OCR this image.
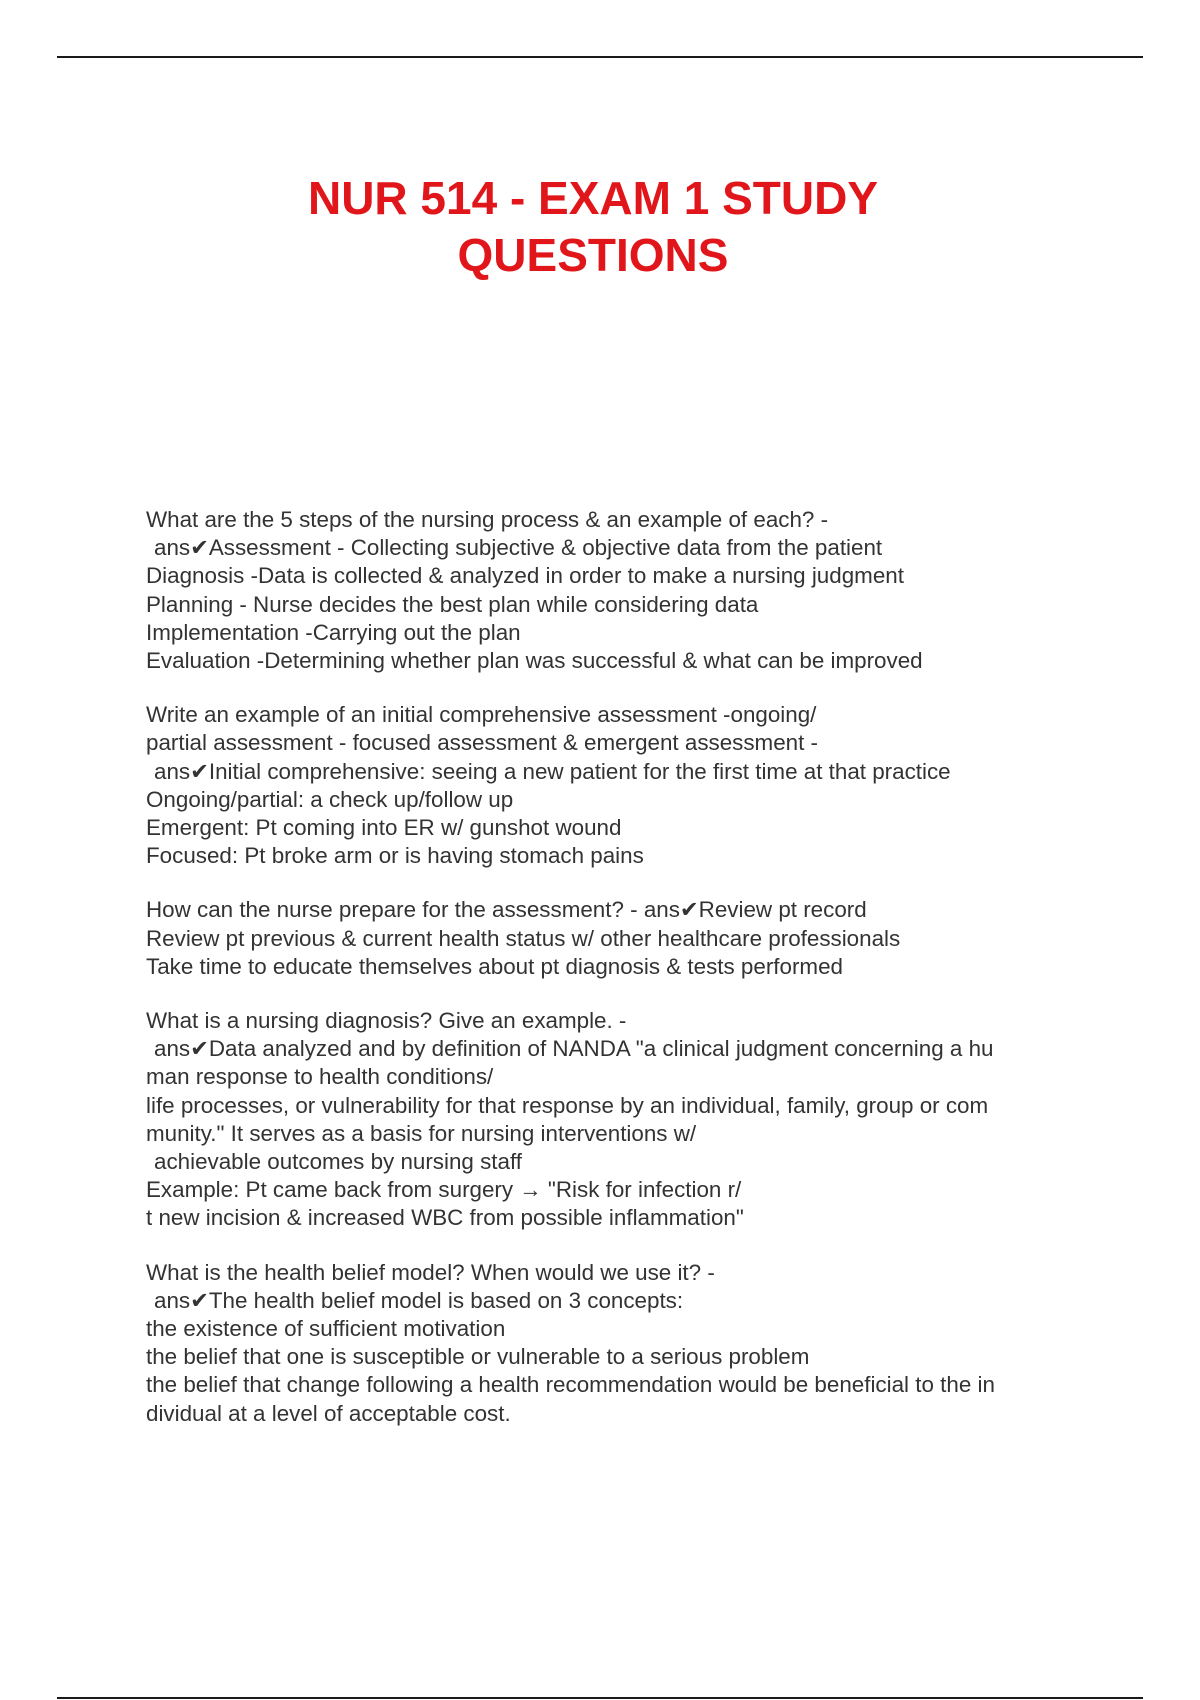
NUR 514 - EXAM 1 STUDY
QUESTIONS
What are the 5 steps of the nursing process & an example of each? -
ans✔Assessment - Collecting subjective & objective data from the patient
Diagnosis -Data is collected & analyzed in order to make a nursing judgment
Planning - Nurse decides the best plan while considering data
Implementation -Carrying out the plan
Evaluation -Determining whether plan was successful & what can be improved
Write an example of an initial comprehensive assessment -ongoing/
partial assessment - focused assessment & emergent assessment -
ans✔Initial comprehensive: seeing a new patient for the first time at that practice
Ongoing/partial: a check up/follow up
Emergent: Pt coming into ER w/ gunshot wound
Focused: Pt broke arm or is having stomach pains
How can the nurse prepare for the assessment? - ans✔Review pt record
Review pt previous & current health status w/ other healthcare professionals
Take time to educate themselves about pt diagnosis & tests performed
What is a nursing diagnosis? Give an example. -
ans✔Data analyzed and by definition of NANDA "a clinical judgment concerning a hu
man response to health conditions/
life processes, or vulnerability for that response by an individual, family, group or com
munity." It serves as a basis for nursing interventions w/
achievable outcomes by nursing staff
Example: Pt came back from surgery → "Risk for infection r/
t new incision & increased WBC from possible inflammation"
What is the health belief model? When would we use it? -
ans✔The health belief model is based on 3 concepts:
the existence of sufficient motivation
the belief that one is susceptible or vulnerable to a serious problem
the belief that change following a health recommendation would be beneficial to the in
dividual at a level of acceptable cost.
